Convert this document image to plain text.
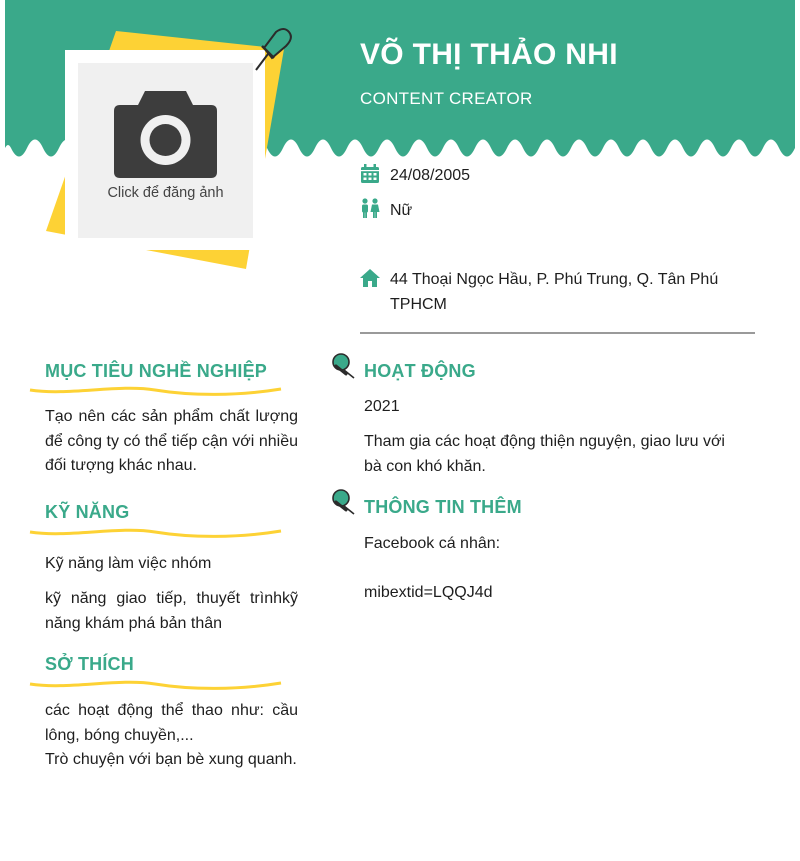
VÕ THỊ THẢO NHI
CONTENT CREATOR
Click để đăng ảnh
24/08/2005
Nữ
44 Thoại Ngọc Hầu, P. Phú Trung, Q. Tân Phú TPHCM
MỤC TIÊU NGHỀ NGHIỆP
Tạo nên các sản phẩm chất lượng để công ty có thể tiếp cận với nhiều đối tượng khác nhau.
KỸ NĂNG
Kỹ năng làm việc nhóm
kỹ năng giao tiếp, thuyết trìnhkỹ năng khám phá bản thân
SỞ THÍCH
các hoạt động thể thao như: cầu lông, bóng chuyền,...
Trò chuyện với bạn bè xung quanh.
HOẠT ĐỘNG
2021
Tham gia các hoạt động thiện nguyện, giao lưu với bà con khó khăn.
THÔNG TIN THÊM
Facebook cá nhân:
mibextid=LQQJ4d
